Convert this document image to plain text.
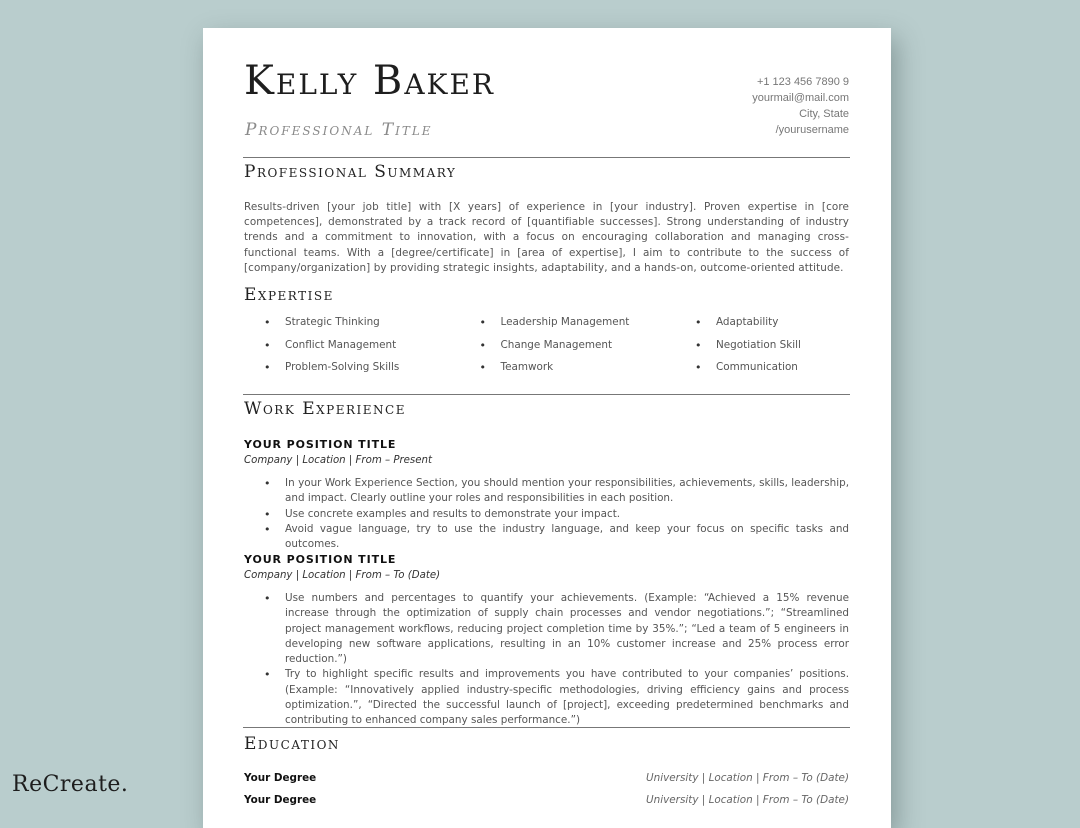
Kelly Baker
Professional Title
+1 123 456 7890 9
yourmail@mail.com
City, State
/yourusername
Professional Summary
Results-driven [your job title] with [X years] of experience in [your industry]. Proven expertise in [core competences], demonstrated by a track record of [quantifiable successes]. Strong understanding of industry trends and a commitment to innovation, with a focus on encouraging collaboration and managing cross-functional teams. With a [degree/certificate] in [area of expertise], I aim to contribute to the success of [company/organization] by providing strategic insights, adaptability, and a hands-on, outcome-oriented attitude.
Expertise
• Strategic Thinking	• Leadership Management	• Adaptability
• Conflict Management	• Change Management	• Negotiation Skill
• Problem-Solving Skills	• Teamwork	• Communication
Work Experience
YOUR POSITION TITLE
Company | Location | From – Present
• In your Work Experience Section, you should mention your responsibilities, achievements, skills, leadership, and impact. Clearly outline your roles and responsibilities in each position.
• Use concrete examples and results to demonstrate your impact.
• Avoid vague language, try to use the industry language, and keep your focus on specific tasks and outcomes.
YOUR POSITION TITLE
Company | Location | From – To (Date)
• Use numbers and percentages to quantify your achievements. (Example: “Achieved a 15% revenue increase through the optimization of supply chain processes and vendor negotiations.”; “Streamlined project management workflows, reducing project completion time by 35%.”; “Led a team of 5 engineers in developing new software applications, resulting in an 10% customer increase and 25% process error reduction.”)
• Try to highlight specific results and improvements you have contributed to your companies’ positions. (Example: “Innovatively applied industry-specific methodologies, driving efficiency gains and process optimization.”, “Directed the successful launch of [project], exceeding predetermined benchmarks and contributing to enhanced company sales performance.”)
Education
Your Degree	University | Location | From – To (Date)
Your Degree	University | Location | From – To (Date)
ReCreate.
